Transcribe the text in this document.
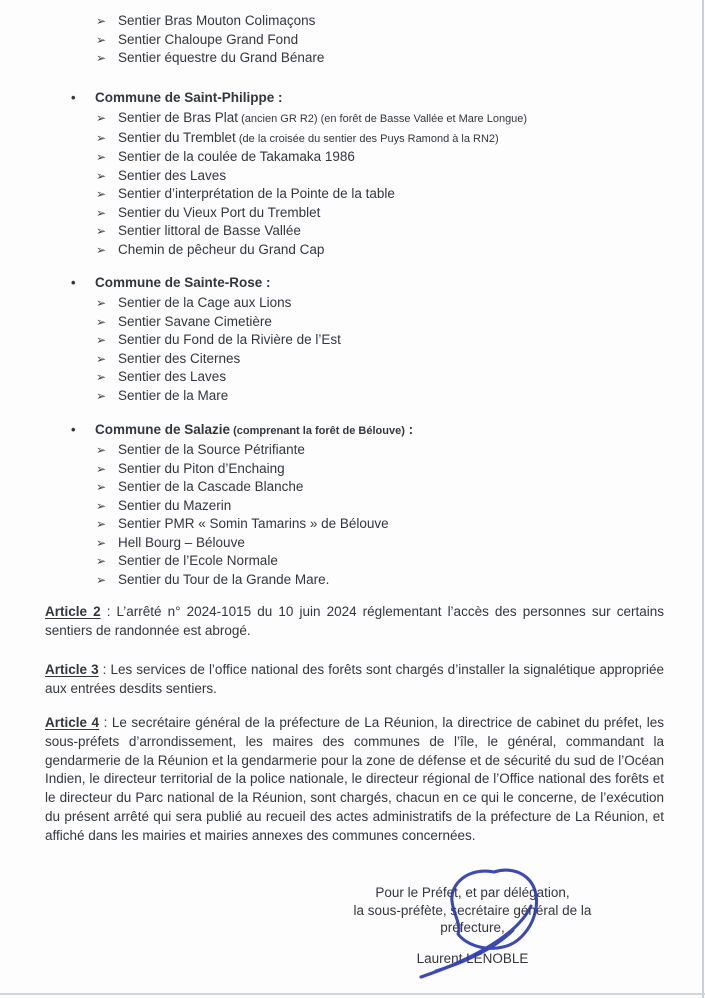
➢ Sentier Bras Mouton Colimaçons
➢ Sentier Chaloupe Grand Fond
➢ Sentier équestre du Grand Bénare
• Commune de Saint-Philippe :
➢ Sentier de Bras Plat (ancien GR R2) (en forêt de Basse Vallée et Mare Longue)
➢ Sentier du Tremblet (de la croisée du sentier des Puys Ramond à la RN2)
➢ Sentier de la coulée de Takamaka 1986
➢ Sentier des Laves
➢ Sentier d’interprétation de la Pointe de la table
➢ Sentier du Vieux Port du Tremblet
➢ Sentier littoral de Basse Vallée
➢ Chemin de pêcheur du Grand Cap
• Commune de Sainte-Rose :
➢ Sentier de la Cage aux Lions
➢ Sentier Savane Cimetière
➢ Sentier du Fond de la Rivière de l’Est
➢ Sentier des Citernes
➢ Sentier des Laves
➢ Sentier de la Mare
• Commune de Salazie (comprenant la forêt de Bélouve) :
➢ Sentier de la Source Pétrifiante
➢ Sentier du Piton d’Enchaing
➢ Sentier de la Cascade Blanche
➢ Sentier du Mazerin
➢ Sentier PMR « Somin Tamarins » de Bélouve
➢ Hell Bourg – Bélouve
➢ Sentier de l’Ecole Normale
➢ Sentier du Tour de la Grande Mare.
Article 2 : L’arrêté n° 2024-1015 du 10 juin 2024 réglementant l’accès des personnes sur certains sentiers de randonnée est abrogé.
Article 3 : Les services de l’office national des forêts sont chargés d’installer la signalétique appropriée aux entrées desdits sentiers.
Article 4 : Le secrétaire général de la préfecture de La Réunion, la directrice de cabinet du préfet, les sous-préfets d’arrondissement, les maires des communes de l’île, le général, commandant la gendarmerie de la Réunion et la gendarmerie pour la zone de défense et de sécurité du sud de l’Océan Indien, le directeur territorial de la police nationale, le directeur régional de l’Office national des forêts et le directeur du Parc national de la Réunion, sont chargés, chacun en ce qui le concerne, de l’exécution du présent arrêté qui sera publié au recueil des actes administratifs de la préfecture de La Réunion, et affiché dans les mairies et mairies annexes des communes concernées.
Pour le Préfet, et par délégation,
la sous-préfète, secrétaire général de la
préfecture,
Laurent LENOBLE
